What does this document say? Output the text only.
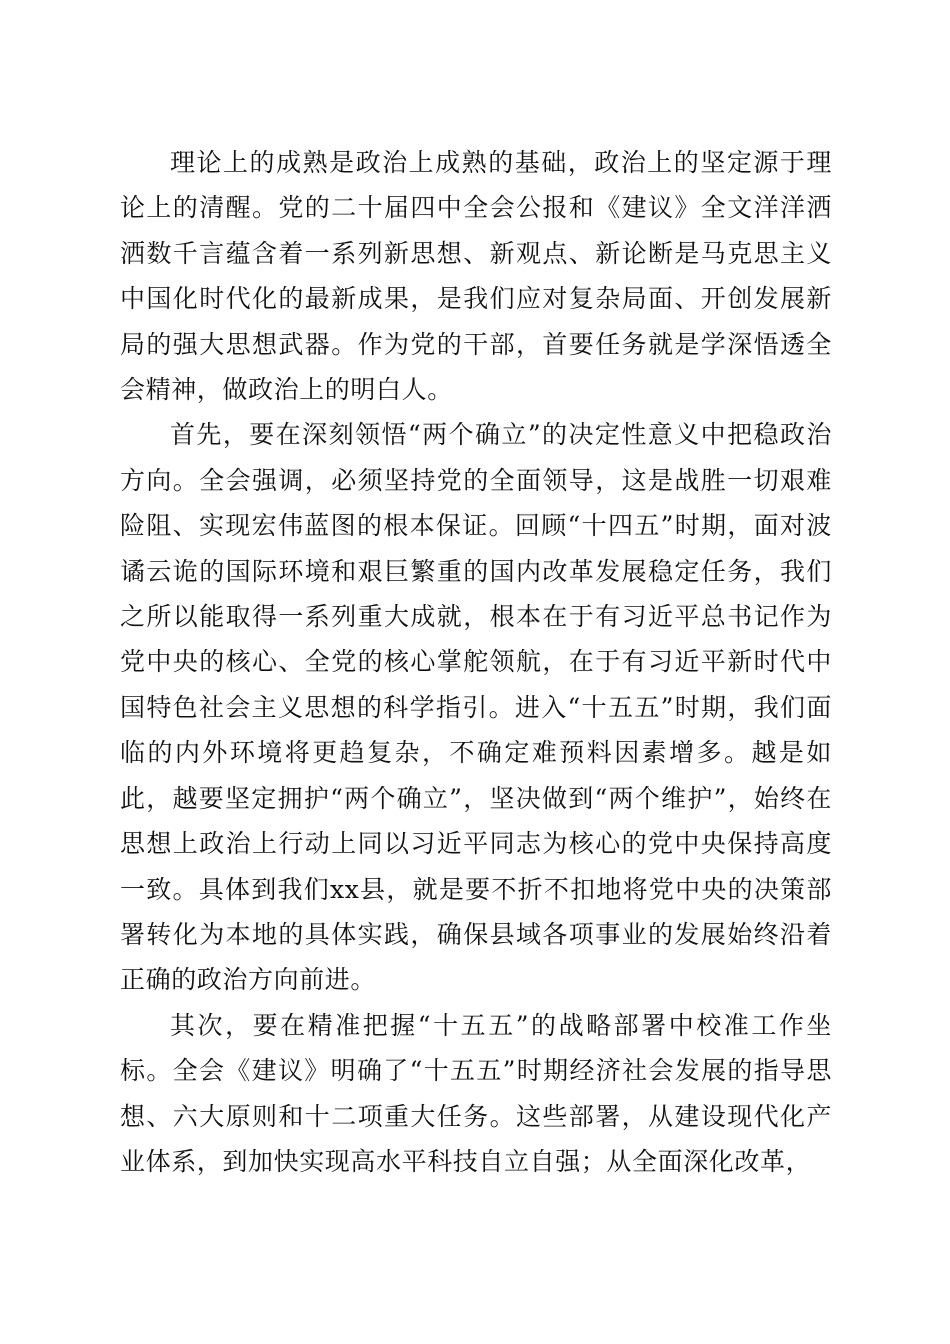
理论上的成熟是政治上成熟的基础，政治上的坚定源于理论上的清醒。党的二十届四中全会公报和《建议》全文洋洋洒洒数千言蕴含着一系列新思想、新观点、新论断是马克思主义中国化时代化的最新成果，是我们应对复杂局面、开创发展新局的强大思想武器。作为党的干部，首要任务就是学深悟透全会精神，做政治上的明白人。

首先，要在深刻领悟“两个确立”的决定性意义中把稳政治方向。全会强调，必须坚持党的全面领导，这是战胜一切艰难险阻、实现宏伟蓝图的根本保证。回顾“十四五”时期，面对波谲云诡的国际环境和艰巨繁重的国内改革发展稳定任务，我们之所以能取得一系列重大成就，根本在于有习近平总书记作为党中央的核心、全党的核心掌舵领航，在于有习近平新时代中国特色社会主义思想的科学指引。进入“十五五”时期，我们面临的内外环境将更趋复杂，不确定难预料因素增多。越是如此，越要坚定拥护“两个确立”，坚决做到“两个维护”，始终在思想上政治上行动上同以习近平同志为核心的党中央保持高度一致。具体到我们xx县，就是要不折不扣地将党中央的决策部署转化为本地的具体实践，确保县域各项事业的发展始终沿着正确的政治方向前进。

其次，要在精准把握“十五五”的战略部署中校准工作坐标。全会《建议》明确了“十五五”时期经济社会发展的指导思想、六大原则和十二项重大任务。这些部署，从建设现代化产业体系，到加快实现高水平科技自立自强；从全面深化改革，
